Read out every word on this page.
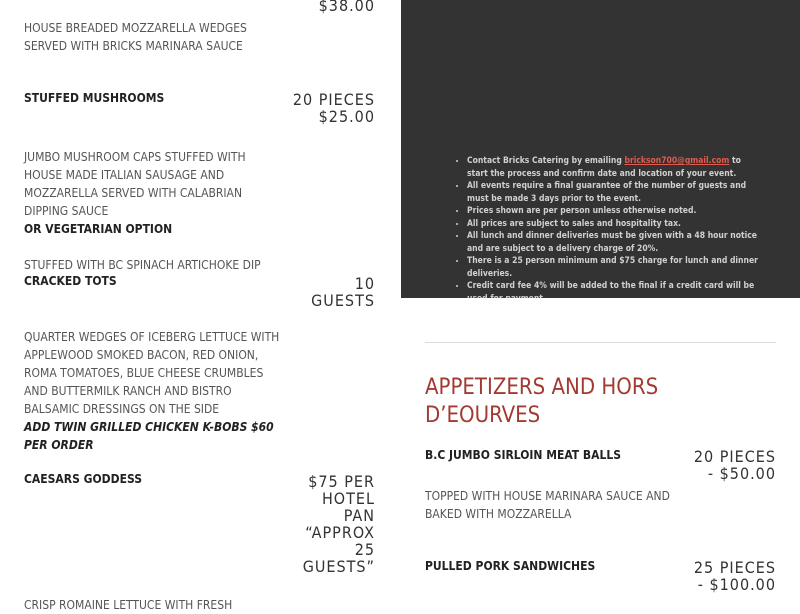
$38.00
HOUSE BREADED MOZZARELLA WEDGES
SERVED WITH BRICKS MARINARA SAUCE
STUFFED MUSHROOMS	20 PIECES
$25.00

JUMBO MUSHROOM CAPS STUFFED WITH
HOUSE MADE ITALIAN SAUSAGE AND
MOZZARELLA SERVED WITH CALABRIAN
DIPPING SAUCE

OR VEGETARIAN OPTION

STUFFED WITH BC SPINACH ARTICHOKE DIP

CRACKED TOTS	10
GUESTS

QUARTER WEDGES OF ICEBERG LETTUCE WITH
APPLEWOOD SMOKED BACON, RED ONION,
ROMA TOMATOES, BLUE CHEESE CRUMBLES
AND BUTTERMILK RANCH AND BISTRO
BALSAMIC DRESSINGS ON THE SIDE

ADD TWIN GRILLED CHICKEN K-BOBS $60
PER ORDER

CAESARS GODDESS	$75 PER
HOTEL
PAN
“APPROX
25
GUESTS”

CRISP ROMAINE LETTUCE WITH FRESH

• Contact Bricks Catering by emailing brickson700@gmail.com to start the process and confirm date and location of your event.
• All events require a final guarantee of the number of guests and must be made 3 days prior to the event.
• Prices shown are per person unless otherwise noted.
• All prices are subject to sales and hospitality tax.
• All lunch and dinner deliveries must be given with a 48 hour notice and are subject to a delivery charge of 20%.
• There is a 25 person minimum and $75 charge for lunch and dinner deliveries.
• Credit card fee 4% will be added to the final if a credit card will be
APPETIZERS AND HORS D’EOURVES
B.C JUMBO SIRLOIN MEAT BALLS	20 PIECES
- $50.00
TOPPED WITH HOUSE MARINARA SAUCE AND
BAKED WITH MOZZARELLA
PULLED PORK SANDWICHES	25 PIECES
- $100.00
